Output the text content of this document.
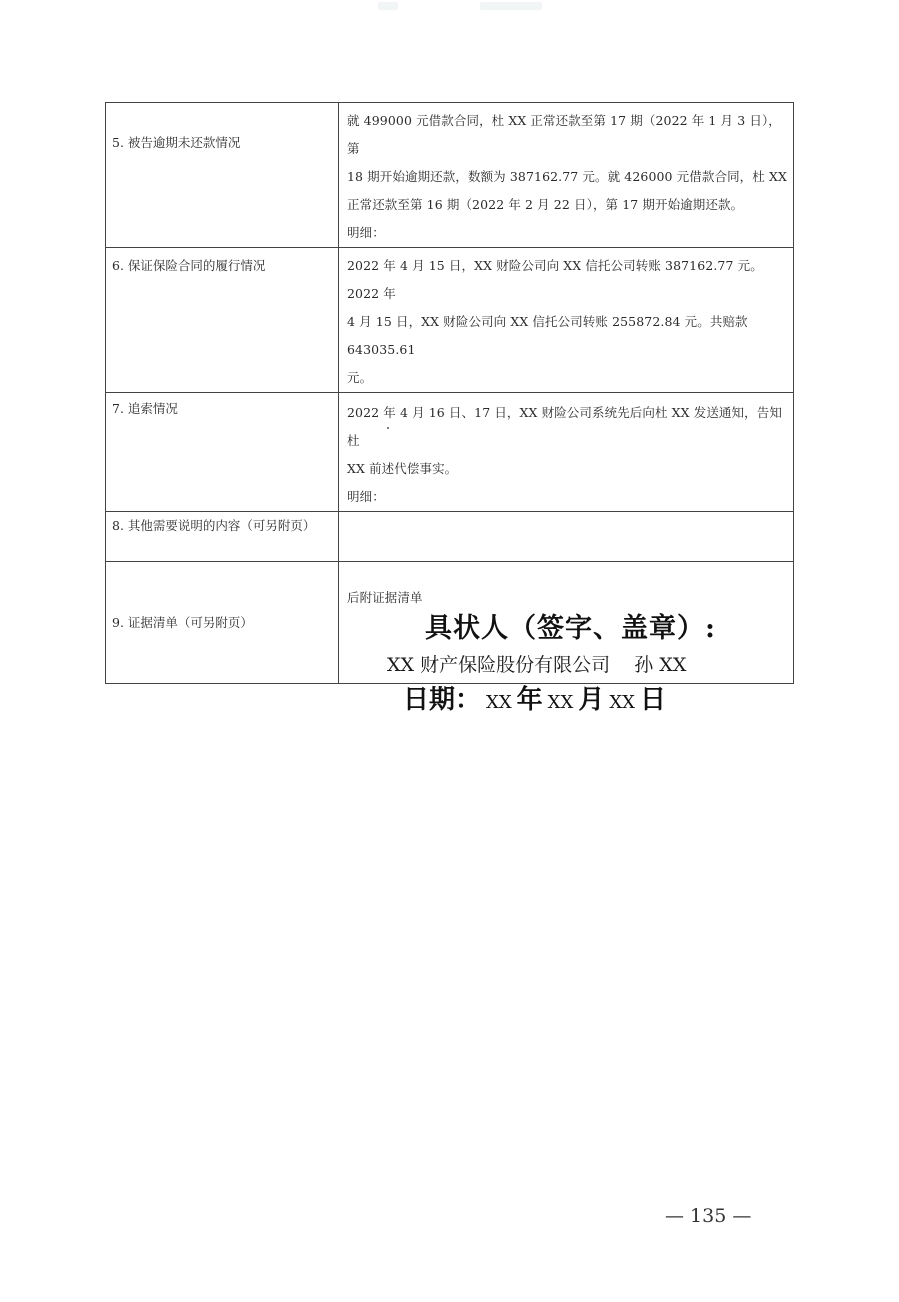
5. 被告逾期未还款情况	就 499000 元借款合同，杜 XX 正常还款至第 17 期（2022 年 1 月 3 日），第
18 期开始逾期还款，数额为 387162.77 元。就 426000 元借款合同，杜 XX
正常还款至第 16 期（2022 年 2 月 22 日），第 17 期开始逾期还款。
明细：

6. 保证保险合同的履行情况	2022 年 4 月 15 日，XX 财险公司向 XX 信托公司转账 387162.77 元。2022 年
4 月 15 日，XX 财险公司向 XX 信托公司转账 255872.84 元。共赔款 643035.61
元。

7. 追索情况	2022 年 4 月 16 日、17 日，XX 财险公司系统先后向杜 XX 发送通知，告知杜
XX 前述代偿事实。
明细：

8. 其他需要说明的内容（可另附页）	

9. 证据清单（可另附页）	后附证据清单
具状人（签字、盖章）:
XX 财产保险股份有限公司    孙 XX
日期： XX 年 XX 月 XX 日
— 135 —
